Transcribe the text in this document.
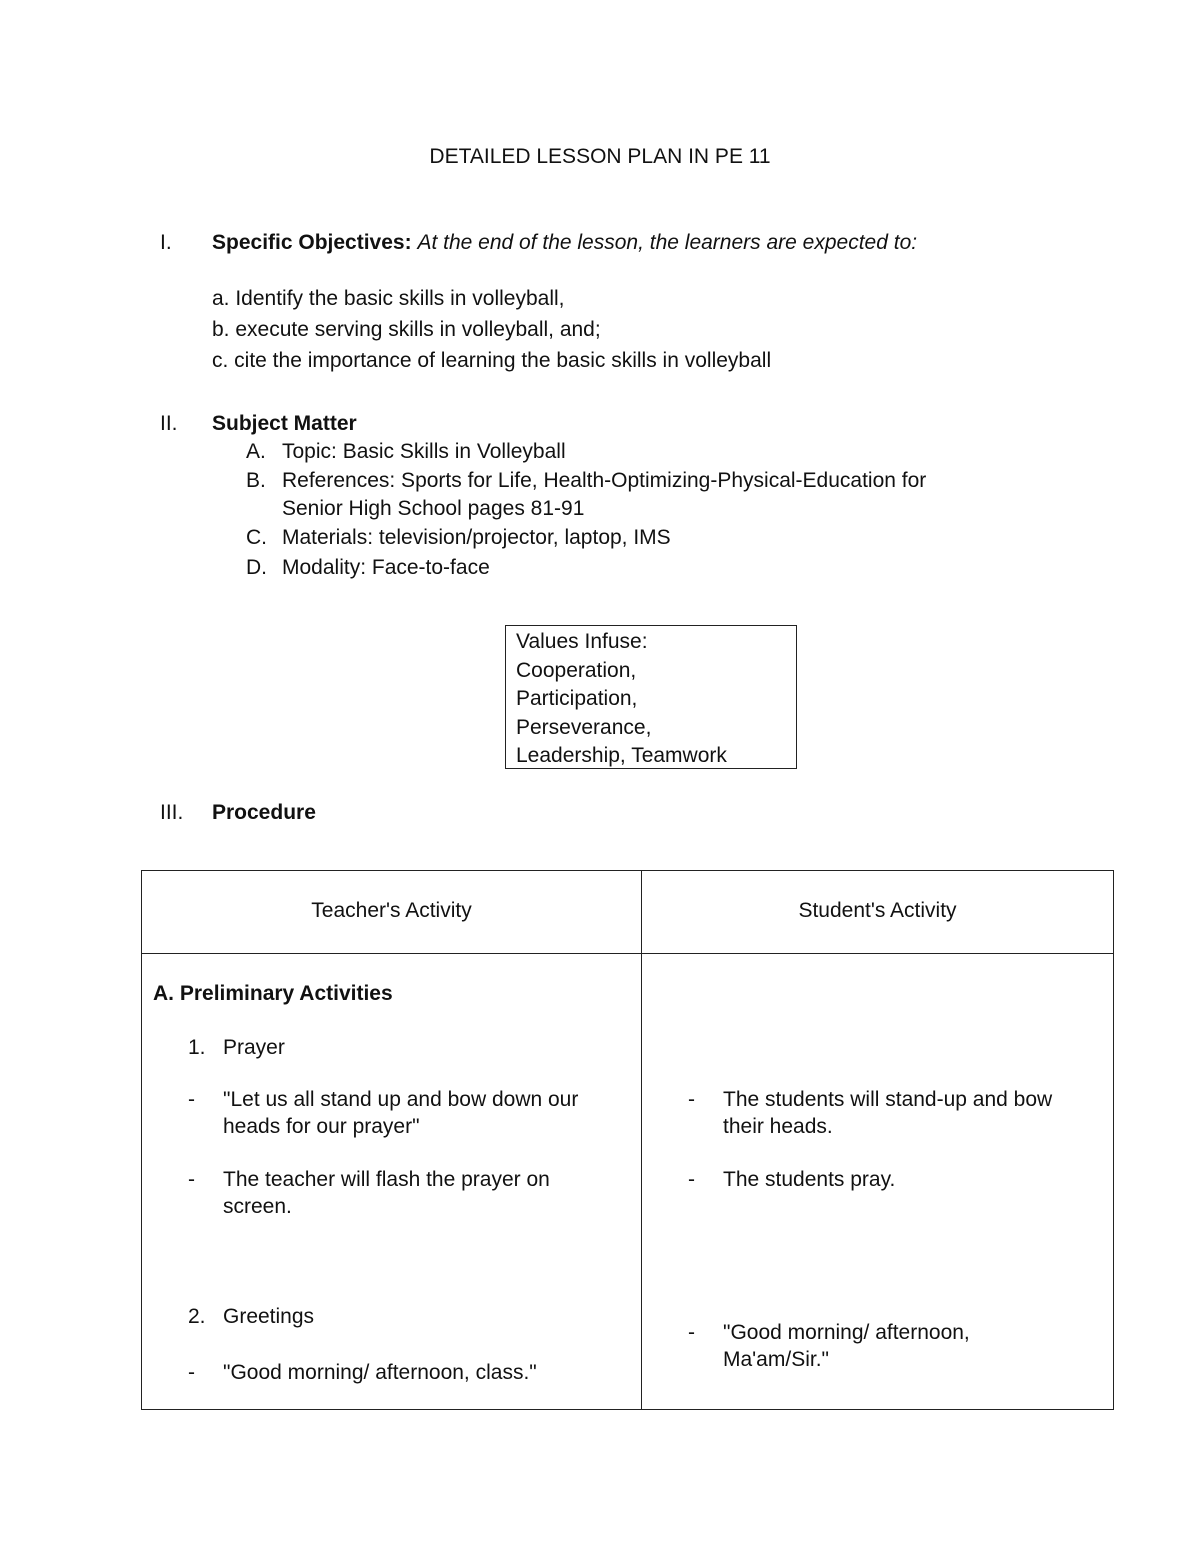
DETAILED LESSON PLAN IN PE 11
I. Specific Objectives: At the end of the lesson, the learners are expected to:
a. Identify the basic skills in volleyball,
b. execute serving skills in volleyball, and;
c. cite the importance of learning the basic skills in volleyball
II. Subject Matter
A. Topic: Basic Skills in Volleyball
B. References: Sports for Life, Health-Optimizing-Physical-Education for
Senior High School pages 81-91
C. Materials: television/projector, laptop, IMS
D. Modality: Face-to-face
Values Infuse:
Cooperation,
Participation,
Perseverance,
Leadership, Teamwork
III. Procedure
Teacher's Activity	Student's Activity
A. Preliminary Activities
1. Prayer
- "Let us all stand up and bow down our
heads for our prayer"
- The teacher will flash the prayer on
screen.
2. Greetings
- "Good morning/ afternoon, class."
- The students will stand-up and bow
their heads.
- The students pray.
- "Good morning/ afternoon,
Ma'am/Sir."
